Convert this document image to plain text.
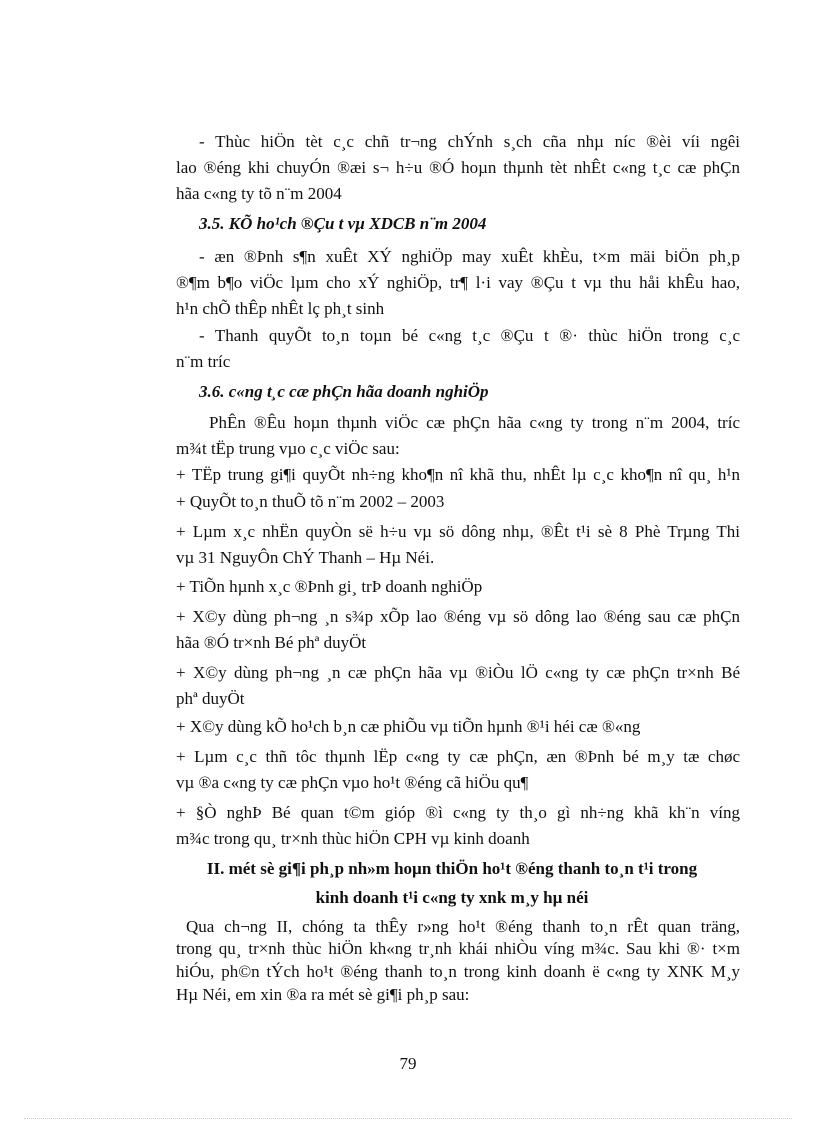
- Thùc hiÖn tèt c¸c chñ tr¬ng chÝnh s¸ch cña nhµ níc ®èi víi ngêi

lao ®éng khi chuyÓn ®æi s¬ h÷u ®Ó hoµn thµnh tèt nhÊt c«ng t¸c cæ phÇn

hãa c«ng ty tõ n¨m 2004

3.5. KÕ ho¹ch ®Çu t vµ XDCB n¨m 2004

- æn ®Þnh s¶n xuÊt XÝ nghiÖp may xuÊt khÈu, t×m mäi biÖn ph¸p

®¶m b¶o viÖc lµm cho xÝ nghiÖp, tr¶ l·i vay ®Çu t vµ thu håi khÊu hao,

h¹n chÕ thÊp nhÊt lç ph¸t sinh

- Thanh quyÕt to¸n toµn bé c«ng t¸c ®Çu t ®· thùc hiÖn trong c¸c

n¨m tríc

3.6. c«ng t¸c cæ phÇn hãa doanh nghiÖp

PhÊn ®Êu hoµn thµnh viÖc cæ phÇn hãa c«ng ty trong n¨m 2004, tríc

m¾t tËp trung vµo c¸c viÖc sau:

+ TËp trung gi¶i quyÕt nh÷ng kho¶n nî khã thu, nhÊt lµ c¸c kho¶n nî qu¸ h¹n

+ QuyÕt to¸n thuÕ tõ n¨m 2002 – 2003

+ Lµm x¸c nhËn quyÒn së h÷u vµ sö dông nhµ, ®Êt t¹i sè 8 Phè Trµng Thi

vµ 31 NguyÔn ChÝ Thanh – Hµ Néi.

+ TiÕn hµnh x¸c ®Þnh gi¸ trÞ doanh nghiÖp

+ X©y dùng ph¬ng ¸n s¾p xÕp lao ®éng vµ sö dông lao ®éng sau cæ phÇn

hãa ®Ó tr×nh Bé phª duyÖt

+ X©y dùng ph¬ng ¸n cæ phÇn hãa vµ ®iÒu lÖ c«ng ty cæ phÇn tr×nh Bé

phª duyÖt

+ X©y dùng kÕ ho¹ch b¸n cæ phiÕu vµ tiÕn hµnh ®¹i héi cæ ®«ng

+ Lµm c¸c thñ tôc thµnh lËp c«ng ty cæ phÇn, æn ®Þnh bé m¸y tæ chøc

vµ ®a c«ng ty cæ phÇn vµo ho¹t ®éng cã hiÖu qu¶

+ §Ò nghÞ Bé quan t©m gióp ®ì c«ng ty th¸o gì nh÷ng khã kh¨n víng

m¾c trong qu¸ tr×nh thùc hiÖn CPH vµ kinh doanh

II. mét sè gi¶i ph¸p nh»m hoµn thiÖn ho¹t ®éng thanh to¸n t¹i trong

kinh doanh t¹i c«ng ty xnk m¸y hµ néi

Qua ch¬ng II, chóng ta thÊy r»ng ho¹t ®éng thanh to¸n rÊt quan träng,

trong qu¸ tr×nh thùc hiÖn kh«ng tr¸nh khái nhiÒu víng m¾c. Sau khi ®· t×m

hiÓu, ph©n tÝch ho¹t ®éng thanh to¸n trong kinh doanh ë c«ng ty XNK M¸y

Hµ Néi, em xin ®a ra mét sè gi¶i ph¸p sau:

79
